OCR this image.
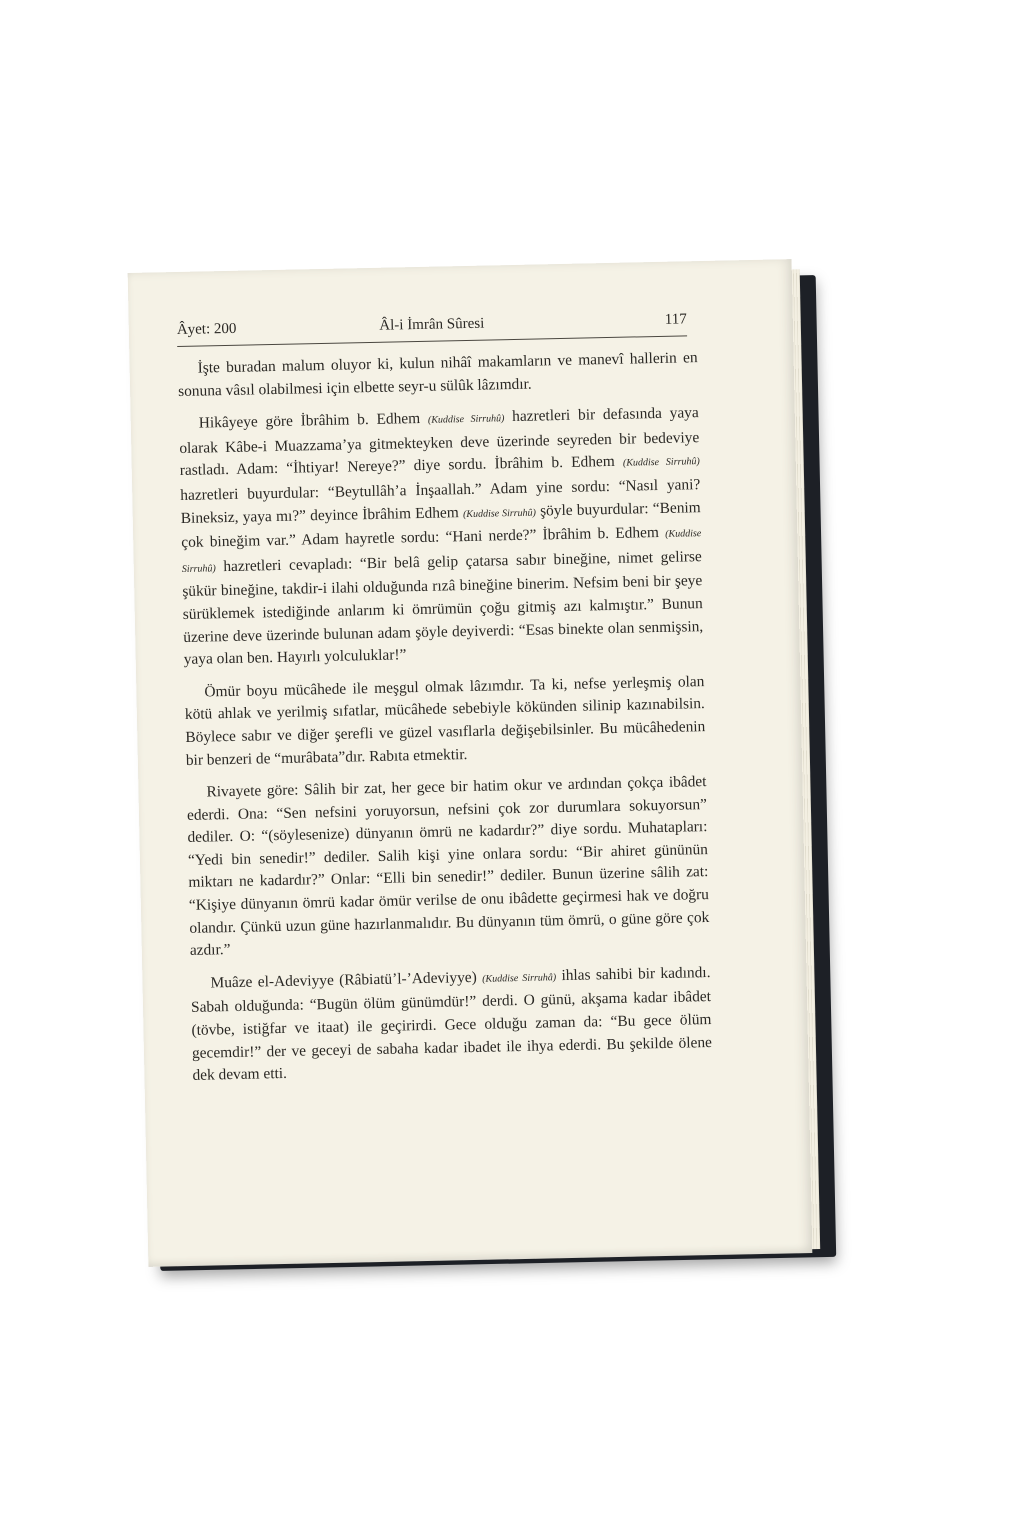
Âyet: 200	Âl-i İmrân Sûresi	117

İşte buradan malum oluyor ki, kulun nihâî makamların ve manevî hallerin en sonuna vâsıl olabilmesi için elbette seyr-u sülûk lâzımdır.

Hikâyeye göre İbrâhim b. Edhem (Kuddise Sirruhû) hazretleri bir defasında yaya olarak Kâbe-i Muazzama’ya gitmekteyken deve üzerinde seyreden bir bedeviye rastladı. Adam: “İhtiyar! Nereye?” diye sordu. İbrâhim b. Edhem (Kuddise Sirruhû) hazretleri buyurdular: “Beytullâh’a İnşaallah.” Adam yine sordu: “Nasıl yani? Bineksiz, yaya mı?” deyince İbrâhim Edhem (Kuddise Sirruhû) şöyle buyurdular: “Benim çok bineğim var.” Adam hayretle sordu: “Hani nerde?” İbrâhim b. Edhem (Kuddise Sirruhû) hazretleri cevapladı: “Bir belâ gelip çatarsa sabır bineğine, nimet gelirse şükür bineğine, takdir-i ilahi olduğunda rızâ bineğine binerim. Nefsim beni bir şeye sürüklemek istediğinde anlarım ki ömrümün çoğu gitmiş azı kalmıştır.” Bunun üzerine deve üzerinde bulunan adam şöyle deyiverdi: “Esas binekte olan senmişsin, yaya olan ben. Hayırlı yolculuklar!”

Ömür boyu mücâhede ile meşgul olmak lâzımdır. Ta ki, nefse yerleşmiş olan kötü ahlak ve yerilmiş sıfatlar, mücâhede sebebiyle kökünden silinip kazınabilsin. Böylece sabır ve diğer şerefli ve güzel vasıflarla değişebilsinler. Bu mücâhedenin bir benzeri de “murâbata”dır. Rabıta etmektir.

Rivayete göre: Sâlih bir zat, her gece bir hatim okur ve ardından çokça ibâdet ederdi. Ona: “Sen nefsini yoruyorsun, nefsini çok zor durumlara sokuyorsun” dediler. O: “(söylesenize) dünyanın ömrü ne kadardır?” diye sordu. Muhatapları: “Yedi bin senedir!” dediler. Salih kişi yine onlara sordu: “Bir ahiret gününün miktarı ne kadardır?” Onlar: “Elli bin senedir!” dediler. Bunun üzerine sâlih zat: “Kişiye dünyanın ömrü kadar ömür verilse de onu ibâdette geçirmesi hak ve doğru olandır. Çünkü uzun güne hazırlanmalıdır. Bu dünyanın tüm ömrü, o güne göre çok azdır.”

Muâze el-Adeviyye (Râbiatü’l-’Adeviyye) (Kuddise Sirruhâ) ihlas sahibi bir kadındı. Sabah olduğunda: “Bugün ölüm günümdür!” derdi. O günü, akşama kadar ibâdet (tövbe, istiğfar ve itaat) ile geçirirdi. Gece olduğu zaman da: “Bu gece ölüm gecemdir!” der ve geceyi de sabaha kadar ibadet ile ihya ederdi. Bu şekilde ölene dek devam etti.
